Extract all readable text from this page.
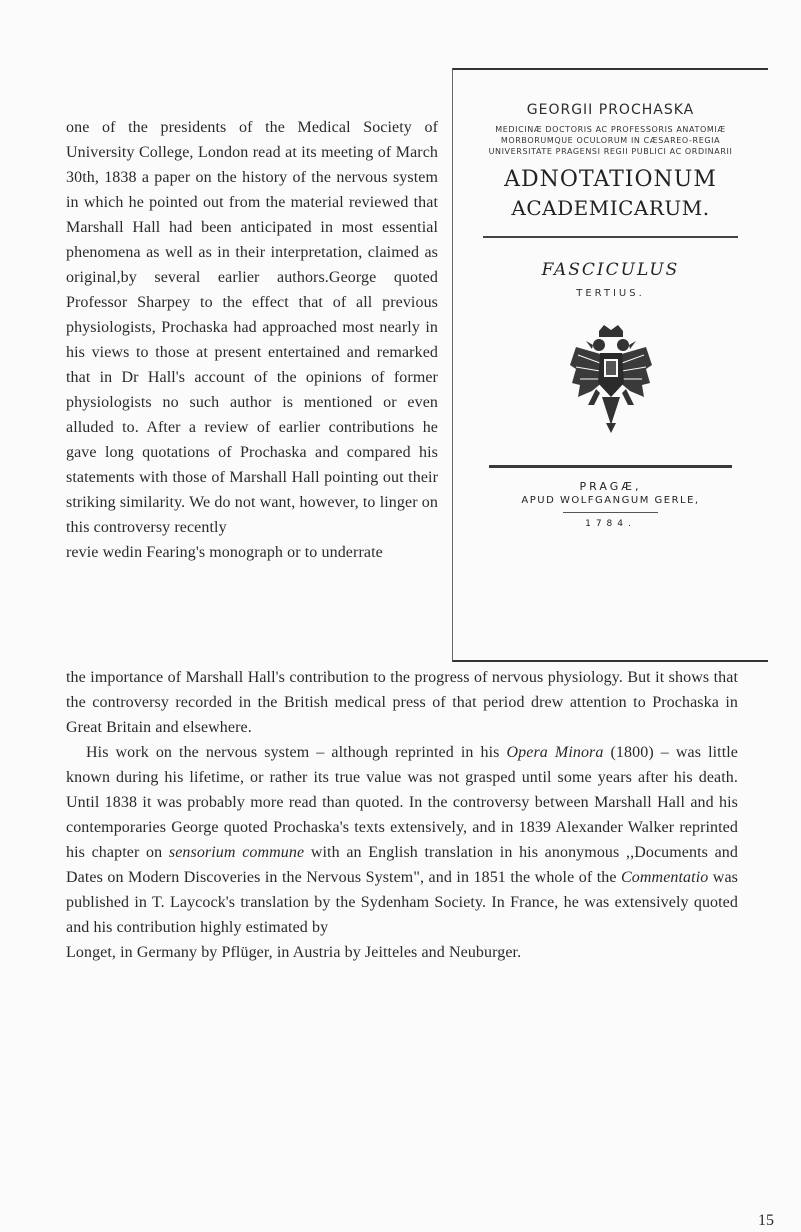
GEORGII PROCHASKA
MEDICINÆ DOCTORIS AC PROFESSORIS ANATOMIÆ MORBORUMQUE OCULORUM IN CÆSAREO-REGIA UNIVERSITATE PRAGENSI REGII PUBLICI AC ORDINARII
ADNOTATIONUM
ACADEMICARUM.
FASCICULUS
TERTIUS.
PRAGÆ,
APUD WOLFGANGUM GERLE,
1784.

one of the presidents of the Medical Society of University College, London read at its meeting of March 30th, 1838 a paper on the history of the nervous system in which he pointed out from the material reviewed that Marshall Hall had been anticipated in most essential phenomena as well as in their interpretation, claimed as original,by several earlier authors.George quoted Professor Sharpey to the effect that of all previous physiologists, Prochaska had approached most nearly in his views to those at present entertained and remarked that in Dr Hall's account of the opinions of former physiologists no such author is mentioned or even alluded to. After a review of earlier contributions he gave long quotations of Prochaska and compared his statements with those of Marshall Hall pointing out their striking similarity. We do not want, however, to linger on this controversy recently

revie wedin Fearing's monograph or to underrate

the importance of Marshall Hall's contribution to the progress of nervous physiology. But it shows that the controversy recorded in the British medical press of that period drew attention to Prochaska in Great Britain and elsewhere.

His work on the nervous system – although reprinted in his Opera Minora (1800) – was little known during his lifetime, or rather its true value was not grasped until some years after his death. Until 1838 it was probably more read than quoted. In the controversy between Marshall Hall and his contemporaries George quoted Prochaska's texts extensively, and in 1839 Alexander Walker reprinted his chapter on sensorium commune with an English translation in his anonymous ,,Documents and Dates on Modern Discoveries in the Nervous System", and in 1851 the whole of the Commentatio was published in T. Laycock's translation by the Sydenham Society. In France, he was extensively quoted and his contribution highly estimated by

Longet, in Germany by Pflüger, in Austria by Jeitteles and Neuburger.
15
